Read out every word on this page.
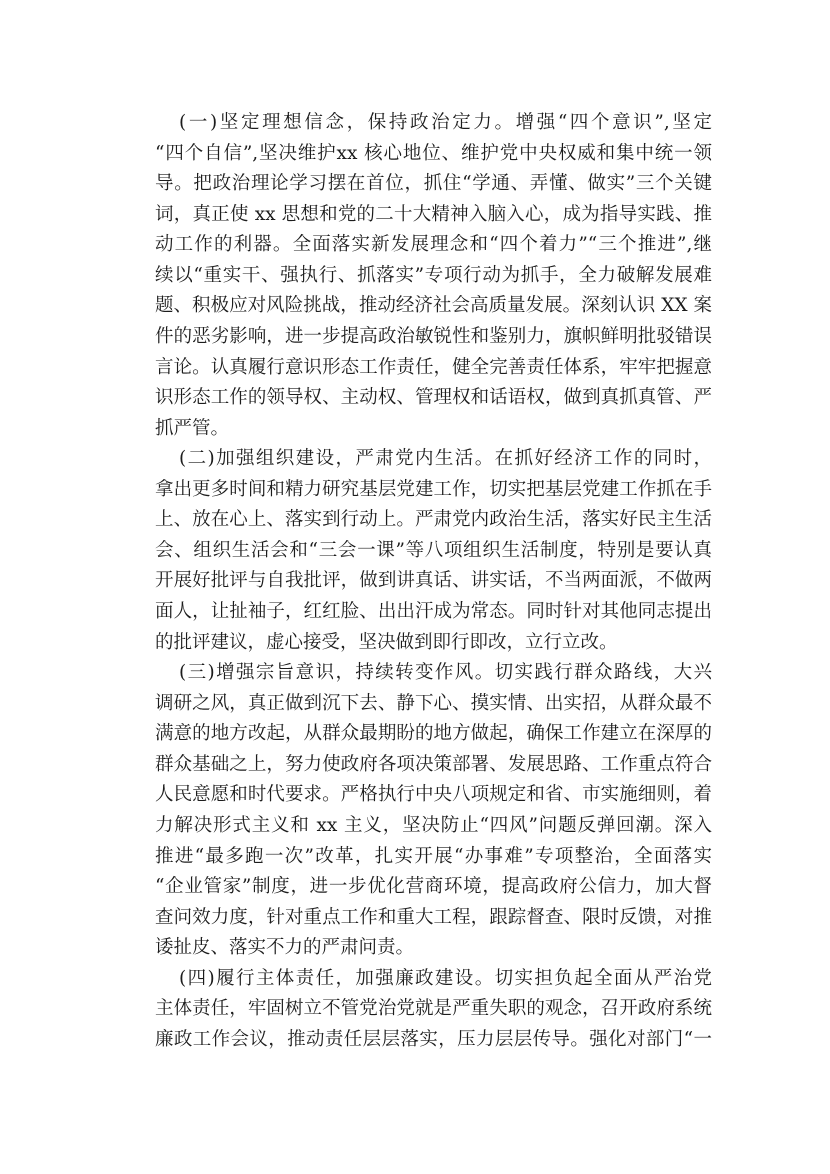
(一)坚定理想信念，保持政治定力。增强“四个意识”,坚定
“四个自信”,坚决维护xx 核心地位、维护党中央权威和集中统一领
导。把政治理论学习摆在首位，抓住“学通、弄懂、做实”三个关键
词，真正使 xx 思想和党的二十大精神入脑入心，成为指导实践、推
动工作的利器。全面落实新发展理念和“四个着力”“三个推进”,继
续以“重实干、强执行、抓落实”专项行动为抓手，全力破解发展难
题、积极应对风险挑战，推动经济社会高质量发展。深刻认识 XX 案
件的恶劣影响，进一步提高政治敏锐性和鉴别力，旗帜鲜明批驳错误
言论。认真履行意识形态工作责任，健全完善责任体系，牢牢把握意
识形态工作的领导权、主动权、管理权和话语权，做到真抓真管、严
抓严管。
(二)加强组织建设，严肃党内生活。在抓好经济工作的同时，
拿出更多时间和精力研究基层党建工作，切实把基层党建工作抓在手
上、放在心上、落实到行动上。严肃党内政治生活，落实好民主生活
会、组织生活会和“三会一课”等八项组织生活制度，特别是要认真
开展好批评与自我批评，做到讲真话、讲实话，不当两面派，不做两
面人，让扯袖子，红红脸、出出汗成为常态。同时针对其他同志提出
的批评建议，虚心接受，坚决做到即行即改，立行立改。
(三)增强宗旨意识，持续转变作风。切实践行群众路线，大兴
调研之风，真正做到沉下去、静下心、摸实情、出实招，从群众最不
满意的地方改起，从群众最期盼的地方做起，确保工作建立在深厚的
群众基础之上，努力使政府各项决策部署、发展思路、工作重点符合
人民意愿和时代要求。严格执行中央八项规定和省、市实施细则，着
力解决形式主义和 xx 主义，坚决防止“四风”问题反弹回潮。深入
推进“最多跑一次”改革，扎实开展“办事难”专项整治，全面落实
“企业管家”制度，进一步优化营商环境，提高政府公信力，加大督
查问效力度，针对重点工作和重大工程，跟踪督查、限时反馈，对推
诿扯皮、落实不力的严肃问责。
(四)履行主体责任，加强廉政建设。切实担负起全面从严治党
主体责任，牢固树立不管党治党就是严重失职的观念，召开政府系统
廉政工作会议，推动责任层层落实，压力层层传导。强化对部门“一
